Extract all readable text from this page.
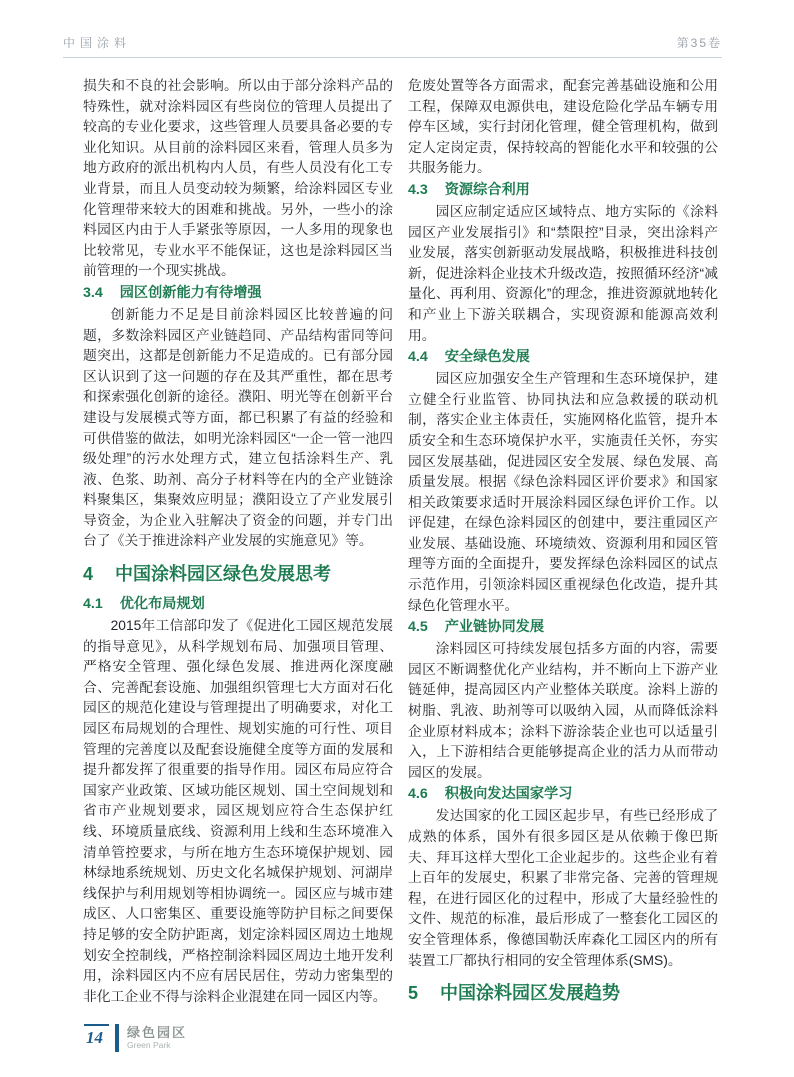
中国涂料	第35卷

损失和不良的社会影响。所以由于部分涂料产品的特殊性，就对涂料园区有些岗位的管理人员提出了较高的专业化要求，这些管理人员要具备必要的专业化知识。从目前的涂料园区来看，管理人员多为地方政府的派出机构内人员，有些人员没有化工专业背景，而且人员变动较为频繁，给涂料园区专业化管理带来较大的困难和挑战。另外，一些小的涂料园区内由于人手紧张等原因，一人多用的现象也比较常见，专业水平不能保证，这也是涂料园区当前管理的一个现实挑战。

3.4 园区创新能力有待增强

创新能力不足是目前涂料园区比较普遍的问题，多数涂料园区产业链趋同、产品结构雷同等问题突出，这都是创新能力不足造成的。已有部分园区认识到了这一问题的存在及其严重性，都在思考和探索强化创新的途径。濮阳、明光等在创新平台建设与发展模式等方面，都已积累了有益的经验和可供借鉴的做法，如明光涂料园区“一企一管一池四级处理”的污水处理方式，建立包括涂料生产、乳液、色浆、助剂、高分子材料等在内的全产业链涂料聚集区，集聚效应明显；濮阳设立了产业发展引导资金，为企业入驻解决了资金的问题，并专门出台了《关于推进涂料产业发展的实施意见》等。

4 中国涂料园区绿色发展思考
4.1 优化布局规划

2015年工信部印发了《促进化工园区规范发展的指导意见》，从科学规划布局、加强项目管理、严格安全管理、强化绿色发展、推进两化深度融合、完善配套设施、加强组织管理七大方面对石化园区的规范化建设与管理提出了明确要求，对化工园区布局规划的合理性、规划实施的可行性、项目管理的完善度以及配套设施健全度等方面的发展和提升都发挥了很重要的指导作用。园区布局应符合国家产业政策、区域功能区规划、国土空间规划和省市产业规划要求，园区规划应符合生态保护红线、环境质量底线、资源利用上线和生态环境准入清单管控要求，与所在地方生态环境保护规划、园林绿地系统规划、历史文化名城保护规划、河湖岸线保护与利用规划等相协调统一。园区应与城市建成区、人口密集区、重要设施等防护目标之间要保持足够的安全防护距离，划定涂料园区周边土地规划安全控制线，严格控制涂料园区周边土地开发利用，涂料园区内不应有居民居住，劳动力密集型的非化工企业不得与涂料企业混建在同一园区内等。

危废处置等各方面需求，配套完善基础设施和公用工程，保障双电源供电，建设危险化学品车辆专用停车区域，实行封闭化管理，健全管理机构，做到定人定岗定责，保持较高的智能化水平和较强的公共服务能力。

4.3 资源综合利用

园区应制定适应区域特点、地方实际的《涂料园区产业发展指引》和“禁限控”目录，突出涂料产业发展，落实创新驱动发展战略，积极推进科技创新，促进涂料企业技术升级改造，按照循环经济“减量化、再利用、资源化”的理念，推进资源就地转化和产业上下游关联耦合，实现资源和能源高效利用。

4.4 安全绿色发展

园区应加强安全生产管理和生态环境保护，建立健全行业监管、协同执法和应急救援的联动机制，落实企业主体责任，实施网格化监管，提升本质安全和生态环境保护水平，实施责任关怀，夯实园区发展基础，促进园区安全发展、绿色发展、高质量发展。根据《绿色涂料园区评价要求》和国家相关政策要求适时开展涂料园区绿色评价工作。以评促建，在绿色涂料园区的创建中，要注重园区产业发展、基础设施、环境绩效、资源利用和园区管理等方面的全面提升，要发挥绿色涂料园区的试点示范作用，引领涂料园区重视绿色化改造，提升其绿色化管理水平。

4.5 产业链协同发展

涂料园区可持续发展包括多方面的内容，需要园区不断调整优化产业结构，并不断向上下游产业链延伸，提高园区内产业整体关联度。涂料上游的树脂、乳液、助剂等可以吸纳入园，从而降低涂料企业原材料成本；涂料下游涂装企业也可以适量引入，上下游相结合更能够提高企业的活力从而带动园区的发展。

4.6 积极向发达国家学习

发达国家的化工园区起步早，有些已经形成了成熟的体系，国外有很多园区是从依赖于像巴斯夫、拜耳这样大型化工企业起步的。这些企业有着上百年的发展史，积累了非常完备、完善的管理规程，在进行园区化的过程中，形成了大量经验性的文件、规范的标准，最后形成了一整套化工园区的安全管理体系，像德国勒沃库森化工园区内的所有装置工厂都执行相同的安全管理体系(SMS)。

5 中国涂料园区发展趋势

14	绿色园区
Green Park
